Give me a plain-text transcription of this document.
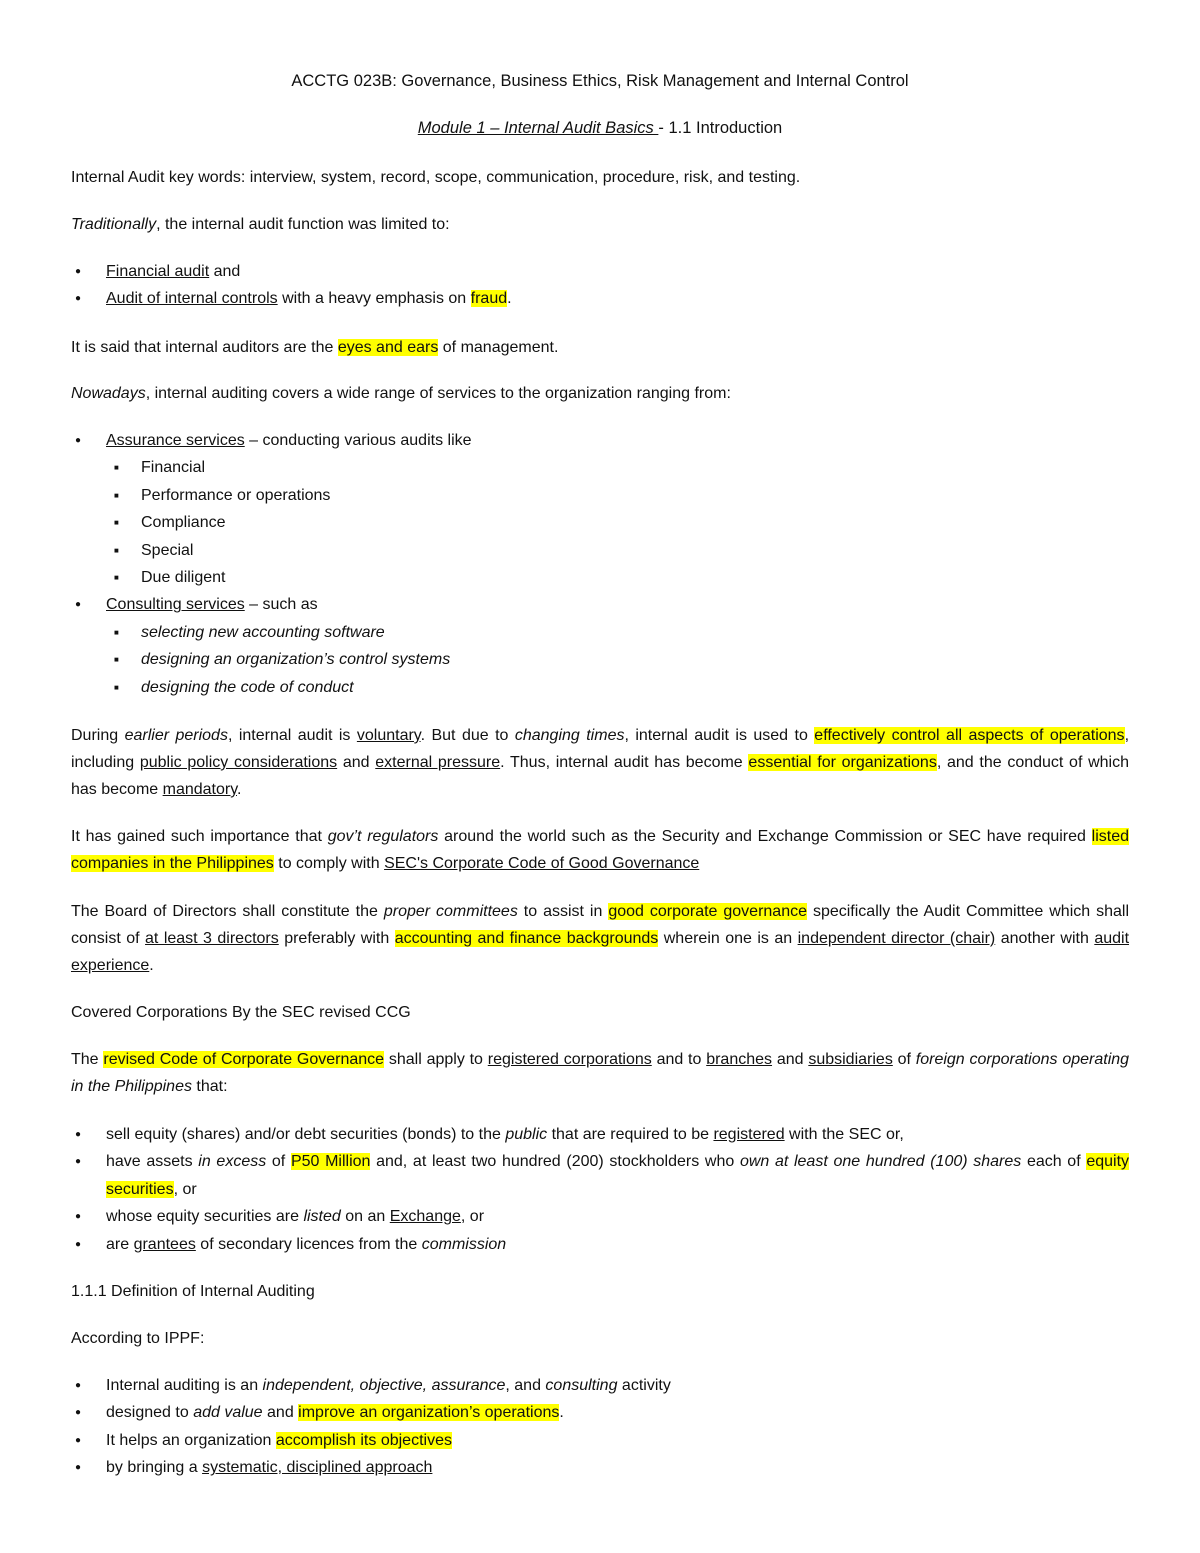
ACCTG 023B: Governance, Business Ethics, Risk Management and Internal Control
Module 1 – Internal Audit Basics - 1.1 Introduction
Internal Audit key words: interview, system, record, scope, communication, procedure, risk, and testing.
Traditionally, the internal audit function was limited to:
● Financial audit and
● Audit of internal controls with a heavy emphasis on fraud.
It is said that internal auditors are the eyes and ears of management.
Nowadays, internal auditing covers a wide range of services to the organization ranging from:
● Assurance services – conducting various audits like
■ Financial
■ Performance or operations
■ Compliance
■ Special
■ Due diligent
● Consulting services – such as
■ selecting new accounting software
■ designing an organization’s control systems
■ designing the code of conduct
During earlier periods, internal audit is voluntary. But due to changing times, internal audit is used to effectively control all aspects of operations, including public policy considerations and external pressure. Thus, internal audit has become essential for organizations, and the conduct of which has become mandatory.
It has gained such importance that gov’t regulators around the world such as the Security and Exchange Commission or SEC have required listed companies in the Philippines to comply with SEC's Corporate Code of Good Governance
The Board of Directors shall constitute the proper committees to assist in good corporate governance specifically the Audit Committee which shall consist of at least 3 directors preferably with accounting and finance backgrounds wherein one is an independent director (chair) another with audit experience.
Covered Corporations By the SEC revised CCG
The revised Code of Corporate Governance shall apply to registered corporations and to branches and subsidiaries of foreign corporations operating in the Philippines that:
● sell equity (shares) and/or debt securities (bonds) to the public that are required to be registered with the SEC or,
● have assets in excess of P50 Million and, at least two hundred (200) stockholders who own at least one hundred (100) shares each of equity securities, or
● whose equity securities are listed on an Exchange, or
● are grantees of secondary licences from the commission
1.1.1 Definition of Internal Auditing
According to IPPF:
● Internal auditing is an independent, objective, assurance, and consulting activity
● designed to add value and improve an organization’s operations.
● It helps an organization accomplish its objectives
● by bringing a systematic, disciplined approach
